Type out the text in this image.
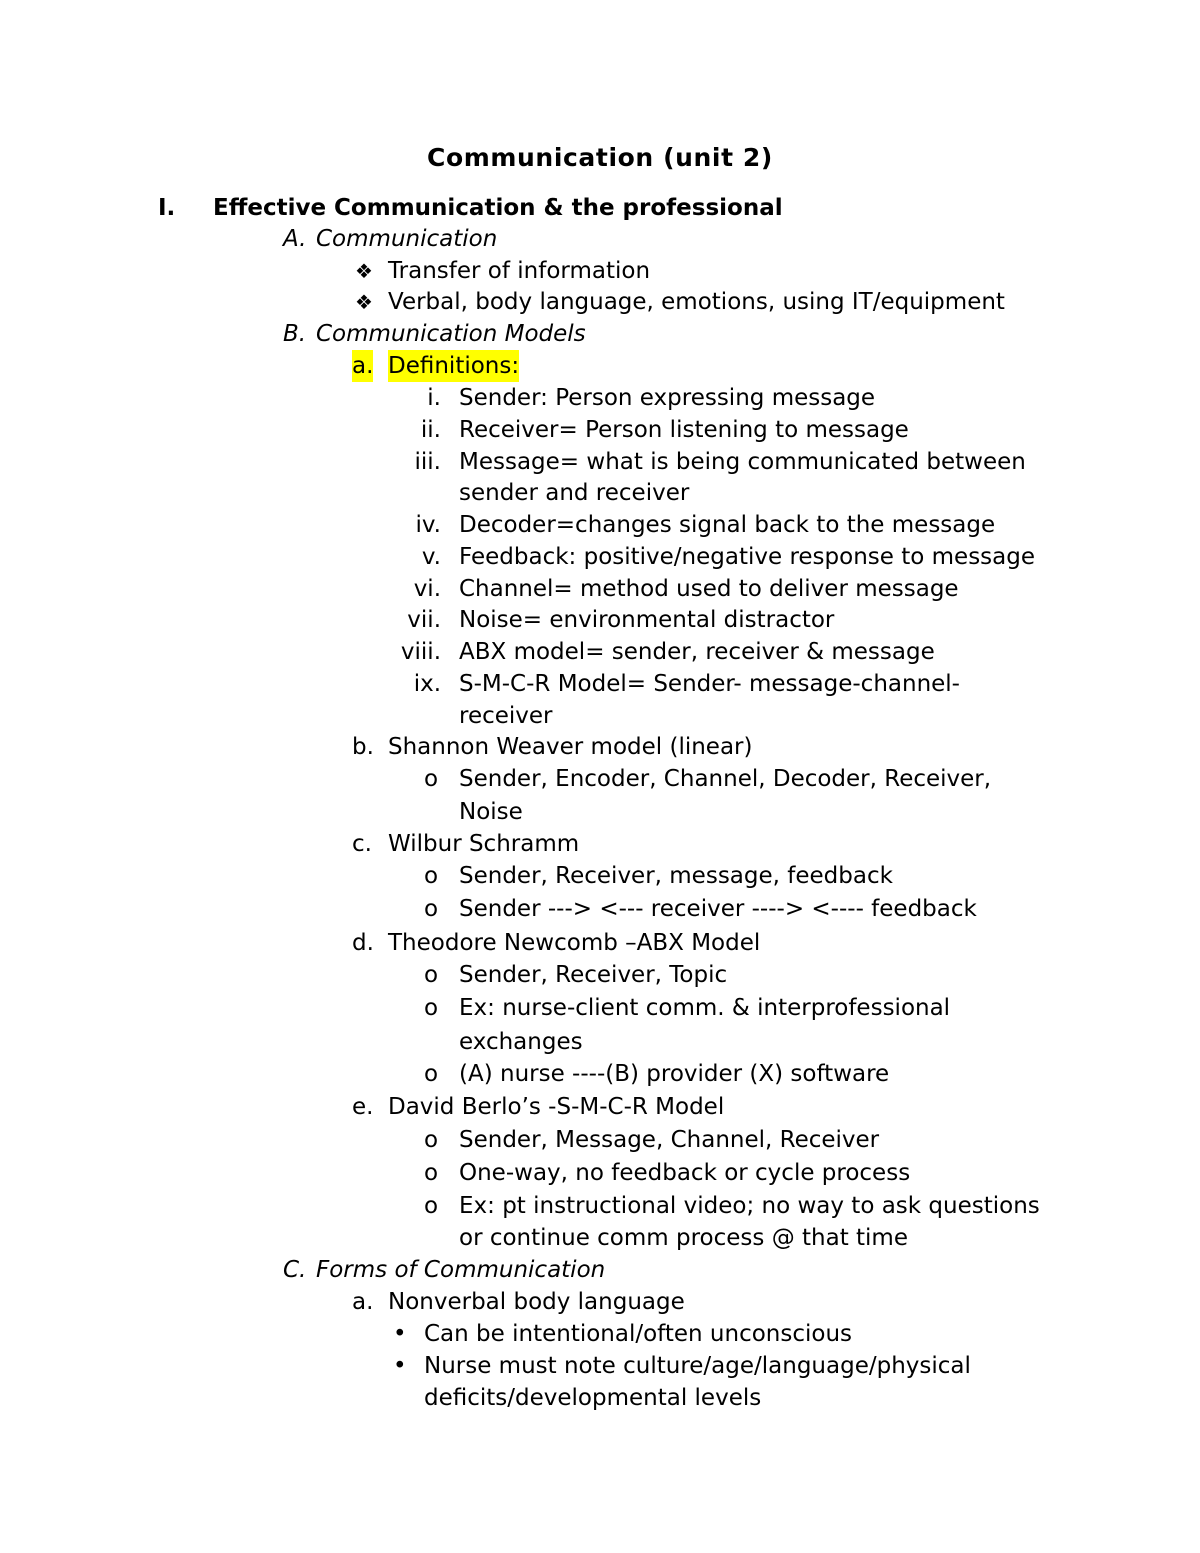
Communication (unit 2)
I. Effective Communication & the professional
A. Communication
❖ Transfer of information
❖ Verbal, body language, emotions, using IT/equipment
B. Communication Models
a. Definitions:
i. Sender: Person expressing message
ii. Receiver= Person listening to message
iii. Message= what is being communicated between
sender and receiver
iv. Decoder=changes signal back to the message
v. Feedback: positive/negative response to message
vi. Channel= method used to deliver message
vii. Noise= environmental distractor
viii. ABX model= sender, receiver & message
ix. S-M-C-R Model= Sender- message-channel-
receiver
b. Shannon Weaver model (linear)
o Sender, Encoder, Channel, Decoder, Receiver,
Noise
c. Wilbur Schramm
o Sender, Receiver, message, feedback
o Sender ---> <--- receiver ----> <---- feedback
d. Theodore Newcomb –ABX Model
o Sender, Receiver, Topic
o Ex: nurse-client comm. & interprofessional
exchanges
o (A) nurse ----(B) provider (X) software
e. David Berlo’s -S-M-C-R Model
o Sender, Message, Channel, Receiver
o One-way, no feedback or cycle process
o Ex: pt instructional video; no way to ask questions
or continue comm process @ that time
C. Forms of Communication
a. Nonverbal body language
• Can be intentional/often unconscious
• Nurse must note culture/age/language/physical
deficits/developmental levels
